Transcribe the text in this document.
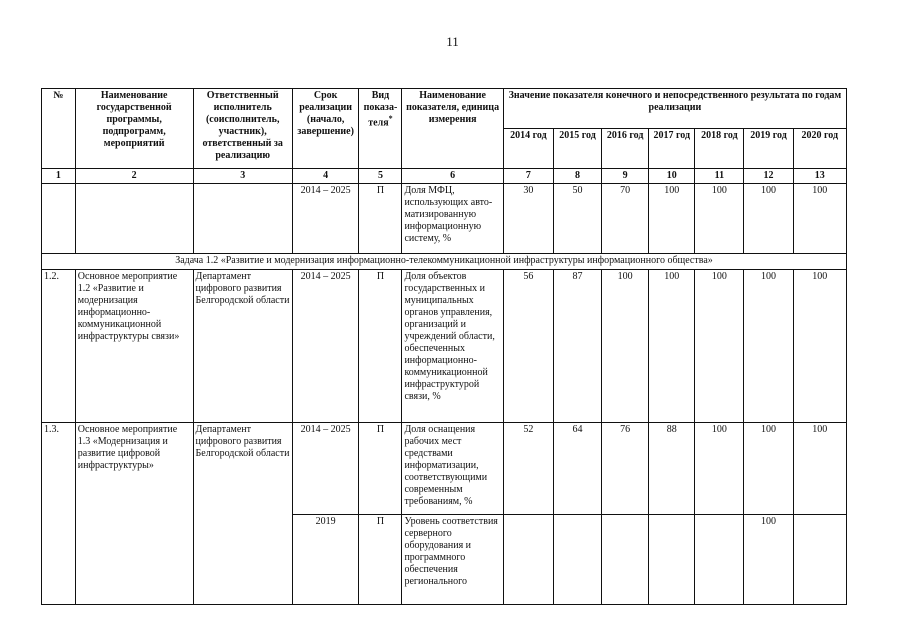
11
№	Наименование государственной программы, подпрограмм, мероприятий	Ответственный исполнитель (соисполнитель, участник), ответственный за реализацию	Срок реализации (начало, завершение)	Вид показа-теля*	Наименование показателя, единица измерения	Значение показателя конечного и непосредственного результата по годам реализации						
						2014 год	2015 год	2016 год	2017 год	2018 год	2019 год	2020 год
1	2	3	4	5	6	7	8	9	10	11	12	13
			2014 – 2025	П	Доля МФЦ, использующих авто-матизированную информационную систему, %	30	50	70	100	100	100	100
Задача 1.2 «Развитие и модернизация информационно-телекоммуникационной инфраструктуры информационного общества»												
1.2.	Основное мероприятие 1.2 «Развитие и модернизация информационно-коммуникационной инфраструктуры связи»	Департамент цифрового развития Белгородской области	2014 – 2025	П	Доля объектов государственных и муниципальных органов управления, организаций и учреждений области, обеспеченных информационно-коммуникационной инфраструктурой связи, %	56	87	100	100	100	100	100
1.3.	Основное мероприятие 1.3 «Модернизация и развитие цифровой инфраструктуры»	Департамент цифрового развития Белгородской области	2014 – 2025	П	Доля оснащения рабочих мест средствами информатизации, соответствующими современным требованиям, %	52	64	76	88	100	100	100
			2019	П	Уровень соответствия серверного оборудования и программного обеспечения регионального						100	
